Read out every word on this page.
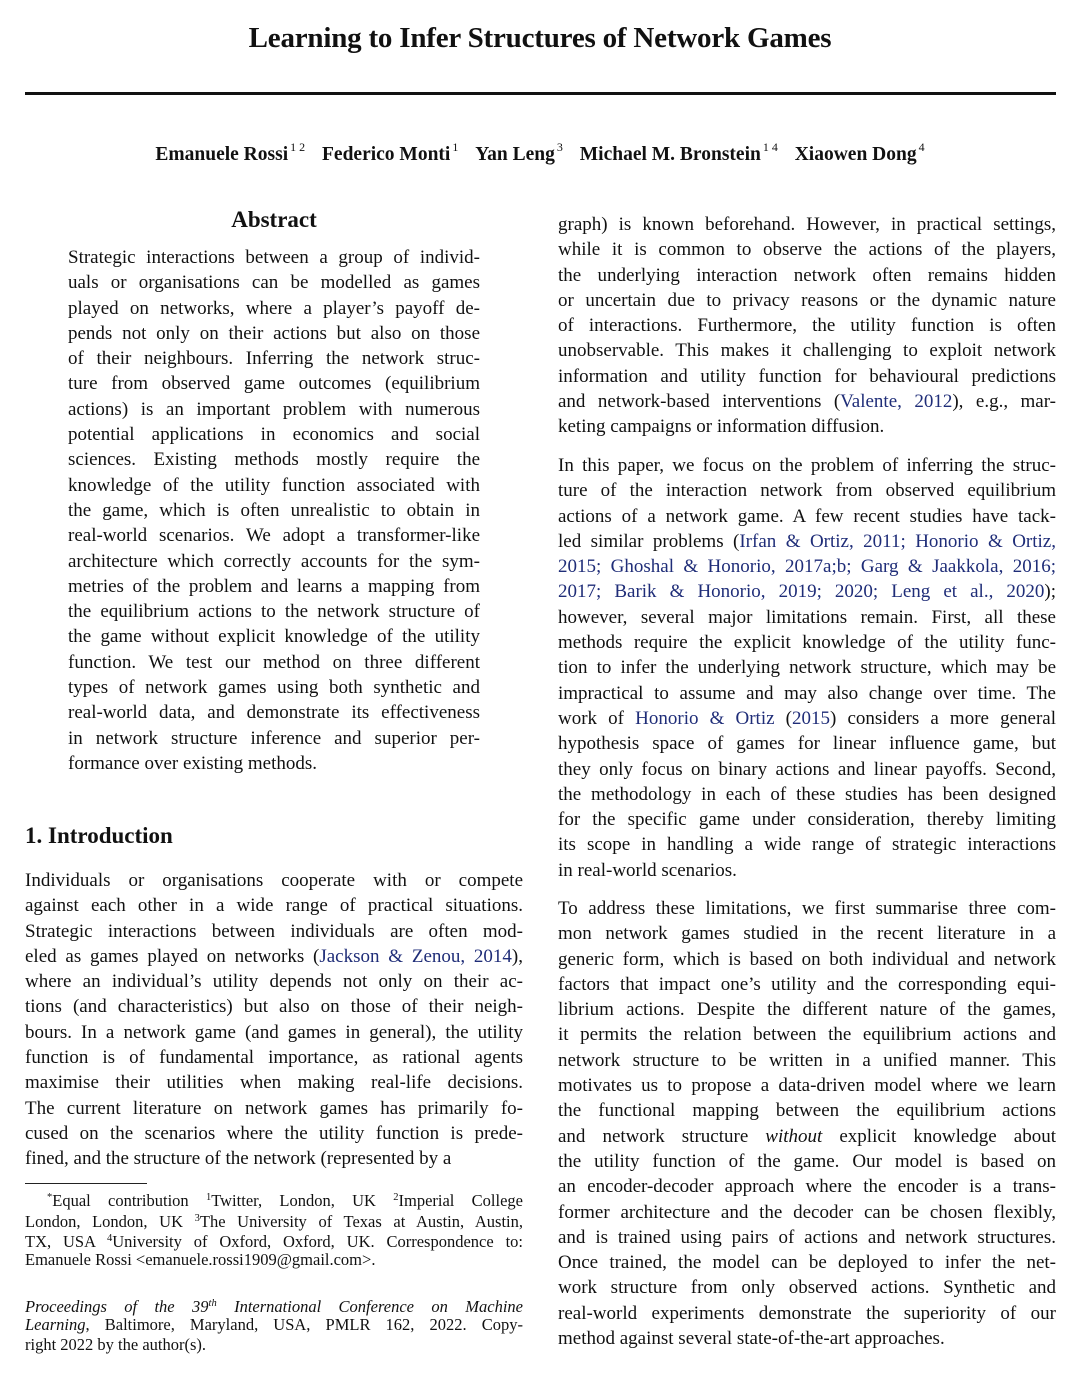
Learning to Infer Structures of Network Games
Emanuele Rossi $^{1 2}$ Federico Monti $^1$ Yan Leng $^3$ Michael M. Bronstein $^{1 4}$ Xiaowen Dong $^4$
Abstract
Strategic interactions between a group of individ-
uals or organisations can be modelled as games
played on networks, where a player’s payoff de-
pends not only on their actions but also on those
of their neighbours. Inferring the network struc-
ture from observed game outcomes (equilibrium
actions) is an important problem with numerous
potential applications in economics and social
sciences. Existing methods mostly require the
knowledge of the utility function associated with
the game, which is often unrealistic to obtain in
real-world scenarios. We adopt a transformer-like
architecture which correctly accounts for the sym-
metries of the problem and learns a mapping from
the equilibrium actions to the network structure of
the game without explicit knowledge of the utility
function. We test our method on three different
types of network games using both synthetic and
real-world data, and demonstrate its effectiveness
in network structure inference and superior per-
formance over existing methods.
1. Introduction
Individuals or organisations cooperate with or compete
against each other in a wide range of practical situations.
Strategic interactions between individuals are often mod-
eled as games played on networks (Jackson & Zenou, 2014),
where an individual’s utility depends not only on their ac-
tions (and characteristics) but also on those of their neigh-
bours. In a network game (and games in general), the utility
function is of fundamental importance, as rational agents
maximise their utilities when making real-life decisions.
The current literature on network games has primarily fo-
cused on the scenarios where the utility function is prede-
fined, and the structure of the network (represented by a
*Equal contribution $^1$Twitter, London, UK $^2$Imperial College
London, London, UK $^3$The University of Texas at Austin, Austin,
TX, USA $^4$University of Oxford, Oxford, UK. Correspondence to:
Emanuele Rossi <emanuele.rossi1909@gmail.com>.
Proceedings of the 39th International Conference on Machine
Learning, Baltimore, Maryland, USA, PMLR 162, 2022. Copy-
right 2022 by the author(s).
graph) is known beforehand. However, in practical settings,
while it is common to observe the actions of the players,
the underlying interaction network often remains hidden
or uncertain due to privacy reasons or the dynamic nature
of interactions. Furthermore, the utility function is often
unobservable. This makes it challenging to exploit network
information and utility function for behavioural predictions
and network-based interventions (Valente, 2012), e.g., mar-
keting campaigns or information diffusion.
In this paper, we focus on the problem of inferring the struc-
ture of the interaction network from observed equilibrium
actions of a network game. A few recent studies have tack-
led similar problems (Irfan & Ortiz, 2011; Honorio & Ortiz,
2015; Ghoshal & Honorio, 2017a;b; Garg & Jaakkola, 2016;
2017; Barik & Honorio, 2019; 2020; Leng et al., 2020);
however, several major limitations remain. First, all these
methods require the explicit knowledge of the utility func-
tion to infer the underlying network structure, which may be
impractical to assume and may also change over time. The
work of Honorio & Ortiz (2015) considers a more general
hypothesis space of games for linear influence game, but
they only focus on binary actions and linear payoffs. Second,
the methodology in each of these studies has been designed
for the specific game under consideration, thereby limiting
its scope in handling a wide range of strategic interactions
in real-world scenarios.
To address these limitations, we first summarise three com-
mon network games studied in the recent literature in a
generic form, which is based on both individual and network
factors that impact one’s utility and the corresponding equi-
librium actions. Despite the different nature of the games,
it permits the relation between the equilibrium actions and
network structure to be written in a unified manner. This
motivates us to propose a data-driven model where we learn
the functional mapping between the equilibrium actions
and network structure without explicit knowledge about
the utility function of the game. Our model is based on
an encoder-decoder approach where the encoder is a trans-
former architecture and the decoder can be chosen flexibly,
and is trained using pairs of actions and network structures.
Once trained, the model can be deployed to infer the net-
work structure from only observed actions. Synthetic and
real-world experiments demonstrate the superiority of our
method against several state-of-the-art approaches.
